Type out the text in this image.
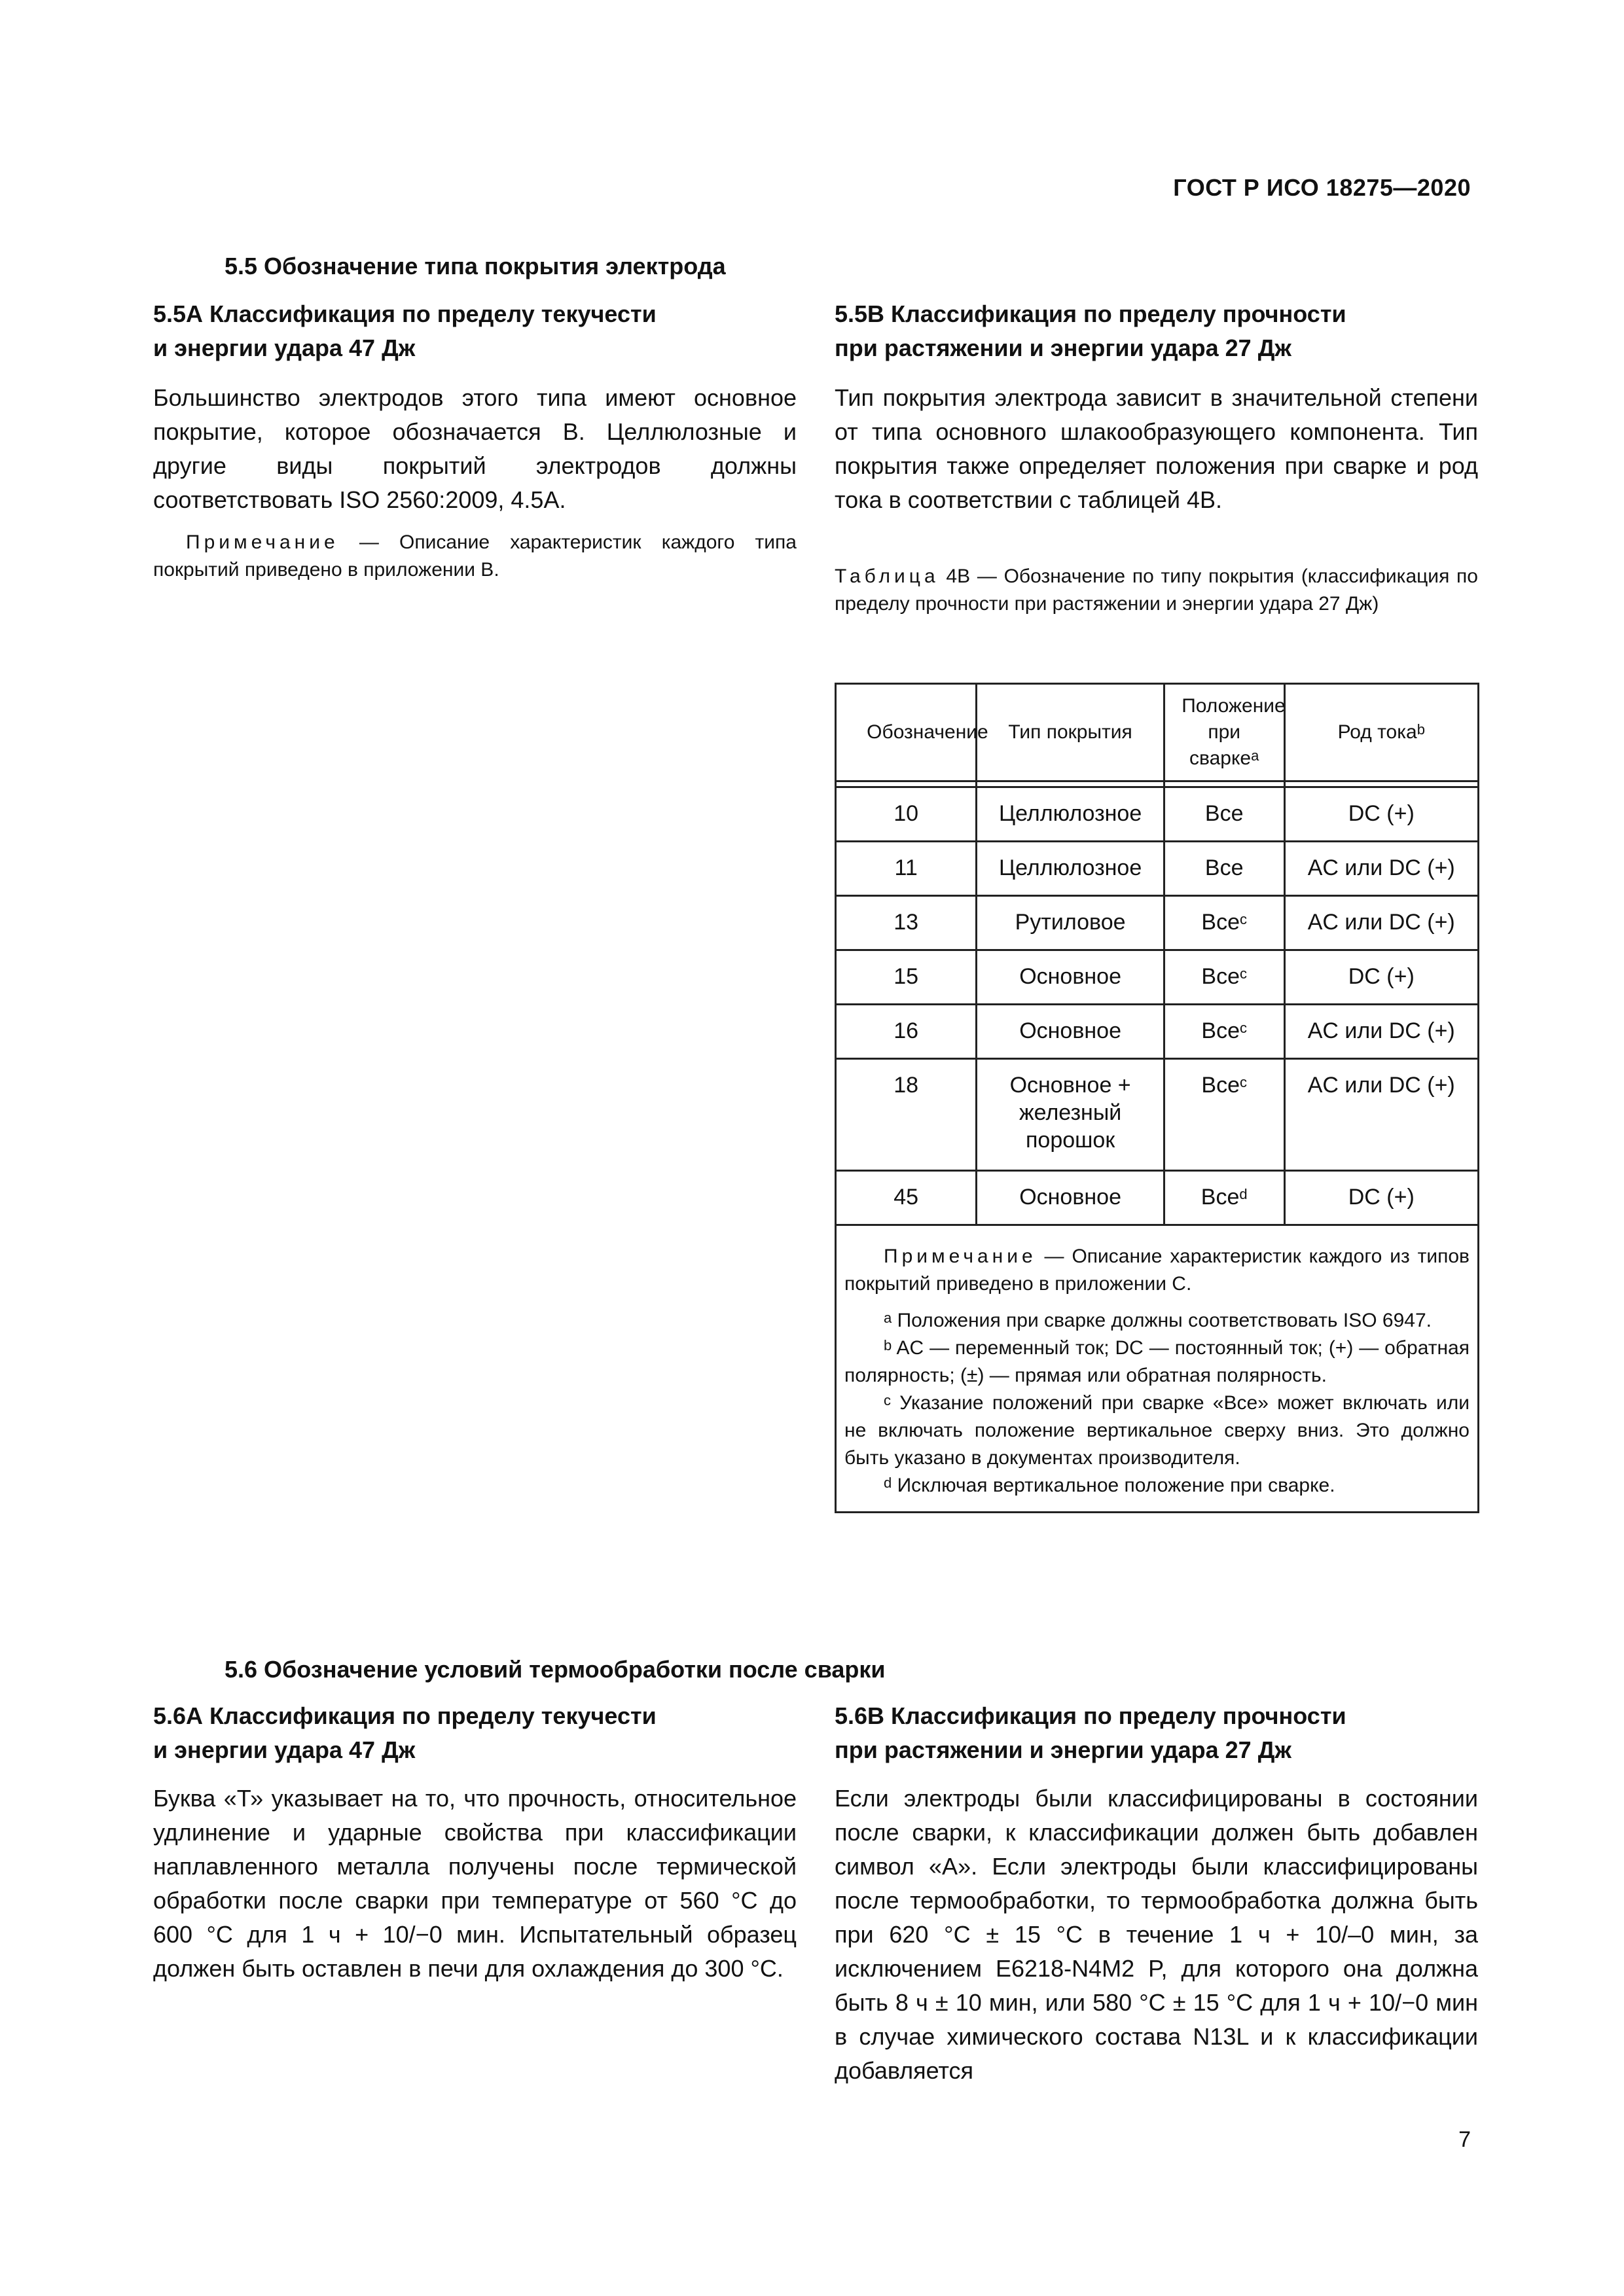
ГОСТ Р ИСО 18275—2020
5.5 Обозначение типа покрытия электрода
5.5А Классификация по пределу текучести
и энергии удара 47 Дж
Большинство электродов этого типа имеют основное покрытие, которое обозначается B. Целлюлозные и другие виды покрытий электродов должны соответствовать ISO 2560:2009, 4.5A.
Примечание — Описание характеристик каждого типа покрытий приведено в приложении B.
5.5В Классификация по пределу прочности
при растяжении и энергии удара 27 Дж
Тип покрытия электрода зависит в значительной степени от типа основного шлакообразующего компонента. Тип покрытия также определяет положения при сварке и род тока в соответствии с таблицей 4B.
Таблица 4В — Обозначение по типу покрытия (классификация по пределу прочности при растяжении и энергии удара 27 Дж)
Обозначение	Тип покрытия	Положение при сварке$^a$	Род тока$^b$

10	Целлюлозное	Все	DC (+)
11	Целлюлозное	Все	AC или DC (+)
13	Рутиловое	Все$^c$	AC или DC (+)
15	Основное	Все$^c$	DC (+)
16	Основное	Все$^c$	AC или DC (+)
18	Основное + железный порошок	Все$^c$	AC или DC (+)
45	Основное	Все$^d$	DC (+)

Примечание — Описание характеристик каждого из типов покрытий приведено в приложении C.

$^a$ Положения при сварке должны соответствовать ISO 6947.

$^b$ AC — переменный ток; DC — постоянный ток; (+) — обратная полярность; (±) — прямая или обратная полярность.

$^c$ Указание положений при сварке «Все» может включать или не включать положение вертикальное сверху вниз. Это должно быть указано в документах производителя.

$^d$ Исключая вертикальное положение при сварке.			

5.6 Обозначение условий термообработки после сварки
5.6А Классификация по пределу текучести
и энергии удара 47 Дж
Буква «Т» указывает на то, что прочность, относительное удлинение и ударные свойства при классификации наплавленного металла получены после термической обработки после сварки при температуре от 560 °C до 600 °C для 1 ч + 10/−0 мин. Испытательный образец должен быть оставлен в печи для охлаждения до 300 °C.
5.6В Классификация по пределу прочности
при растяжении и энергии удара 27 Дж
Если электроды были классифицированы в состоянии после сварки, к классификации должен быть добавлен символ «А». Если электроды были классифицированы после термообработки, то термообработка должна быть при 620 °C ± 15 °C в течение 1 ч + 10/–0 мин, за исключением E6218-N4M2 P, для которого она должна быть 8 ч ± 10 мин, или 580 °C ± 15 °C для 1 ч + 10/−0 мин в случае химического состава N13L и к классификации добавляется
7
